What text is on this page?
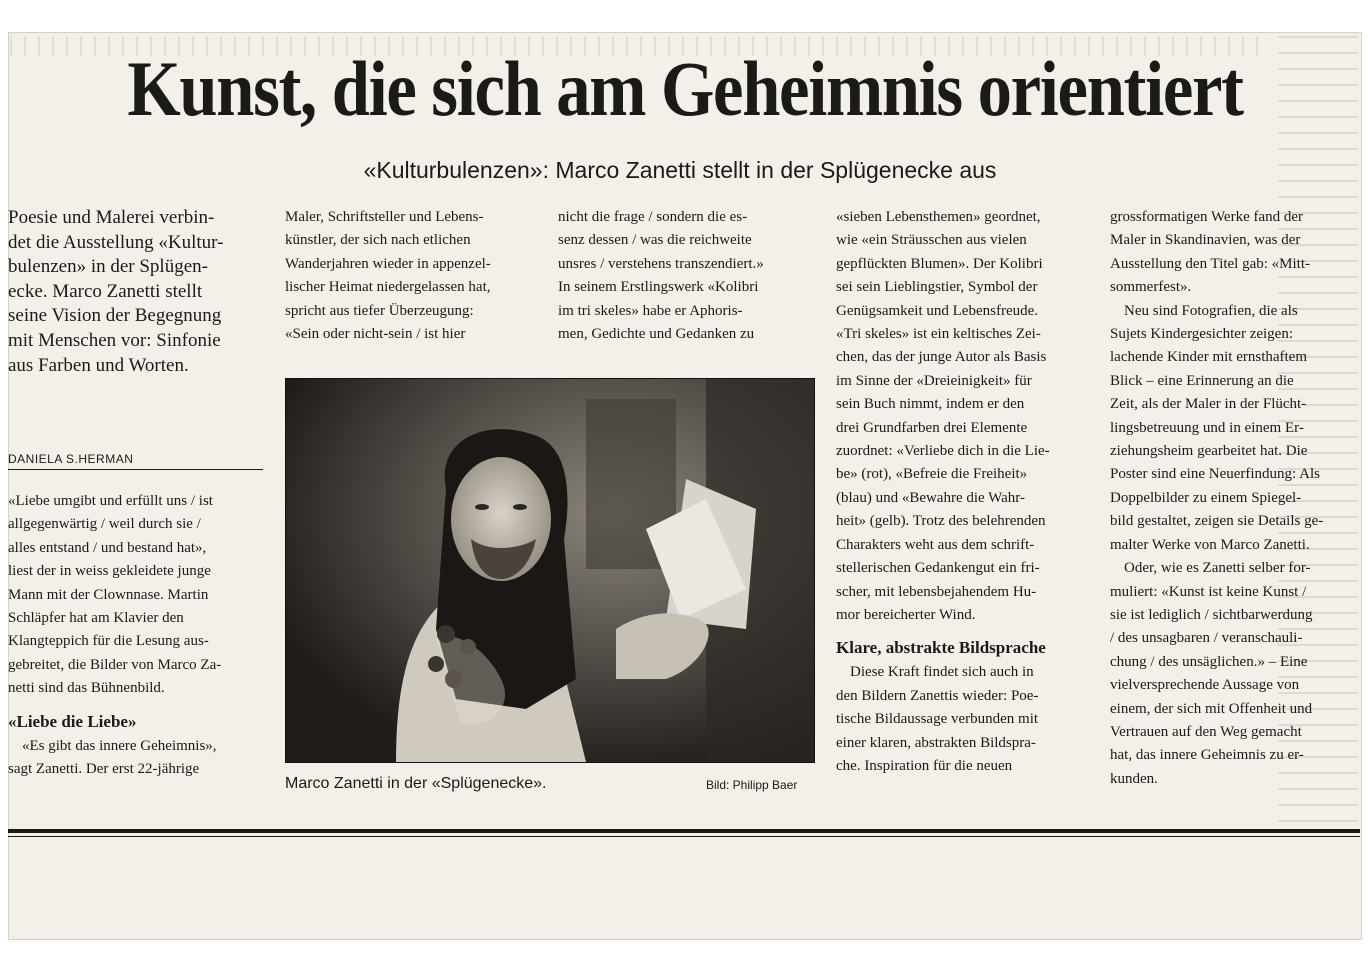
Kunst, die sich am Geheimnis orientiert
«Kulturbulenzen»: Marco Zanetti stellt in der Splügenecke aus
Poesie und Malerei verbin-
det die Ausstellung «Kultur-
bulenzen» in der Splügen-
ecke. Marco Zanetti stellt
seine Vision der Begegnung
mit Menschen vor: Sinfonie
aus Farben und Worten.
DANIELA S.HERMAN
«Liebe umgibt und erfüllt uns / ist
allgegenwärtig / weil durch sie /
alles entstand / und bestand hat»,
liest der in weiss gekleidete junge
Mann mit der Clownnase. Martin
Schläpfer hat am Klavier den
Klangteppich für die Lesung aus-
gebreitet, die Bilder von Marco Za-
netti sind das Bühnenbild.
«Liebe die Liebe»
«Es gibt das innere Geheimnis»,
sagt Zanetti. Der erst 22-jährige
Maler, Schriftsteller und Lebens-
künstler, der sich nach etlichen
Wanderjahren wieder in appenzel-
lischer Heimat niedergelassen hat,
spricht aus tiefer Überzeugung:
«Sein oder nicht-sein / ist hier
nicht die frage / sondern die es-
senz dessen / was die reichweite
unsres / verstehens transzendiert.»
In seinem Erstlingswerk «Kolibri
im tri skeles» habe er Aphoris-
men, Gedichte und Gedanken zu
Marco Zanetti in der «Splügenecke».	Bild: Philipp Baer
«sieben Lebensthemen» geordnet,
wie «ein Sträusschen aus vielen
gepflückten Blumen». Der Kolibri
sei sein Lieblingstier, Symbol der
Genügsamkeit und Lebensfreude.
«Tri skeles» ist ein keltisches Zei-
chen, das der junge Autor als Basis
im Sinne der «Dreieinigkeit» für
sein Buch nimmt, indem er den
drei Grundfarben drei Elemente
zuordnet: «Verliebe dich in die Lie-
be» (rot), «Befreie die Freiheit»
(blau) und «Bewahre die Wahr-
heit» (gelb). Trotz des belehrenden
Charakters weht aus dem schrift-
stellerischen Gedankengut ein fri-
scher, mit lebensbejahendem Hu-
mor bereicherter Wind.
Klare, abstrakte Bildsprache
Diese Kraft findet sich auch in
den Bildern Zanettis wieder: Poe-
tische Bildaussage verbunden mit
einer klaren, abstrakten Bildspra-
che. Inspiration für die neuen
grossformatigen Werke fand der
Maler in Skandinavien, was der
Ausstellung den Titel gab: «Mitt-
sommerfest».
Neu sind Fotografien, die als
Sujets Kindergesichter zeigen:
lachende Kinder mit ernsthaftem
Blick – eine Erinnerung an die
Zeit, als der Maler in der Flücht-
lingsbetreuung und in einem Er-
ziehungsheim gearbeitet hat. Die
Poster sind eine Neuerfindung: Als
Doppelbilder zu einem Spiegel-
bild gestaltet, zeigen sie Details ge-
malter Werke von Marco Zanetti.
Oder, wie es Zanetti selber for-
muliert: «Kunst ist keine Kunst /
sie ist lediglich / sichtbarwerdung
/ des unsagbaren / veranschauli-
chung / des unsäglichen.» – Eine
vielversprechende Aussage von
einem, der sich mit Offenheit und
Vertrauen auf den Weg gemacht
hat, das innere Geheimnis zu er-
kunden.
